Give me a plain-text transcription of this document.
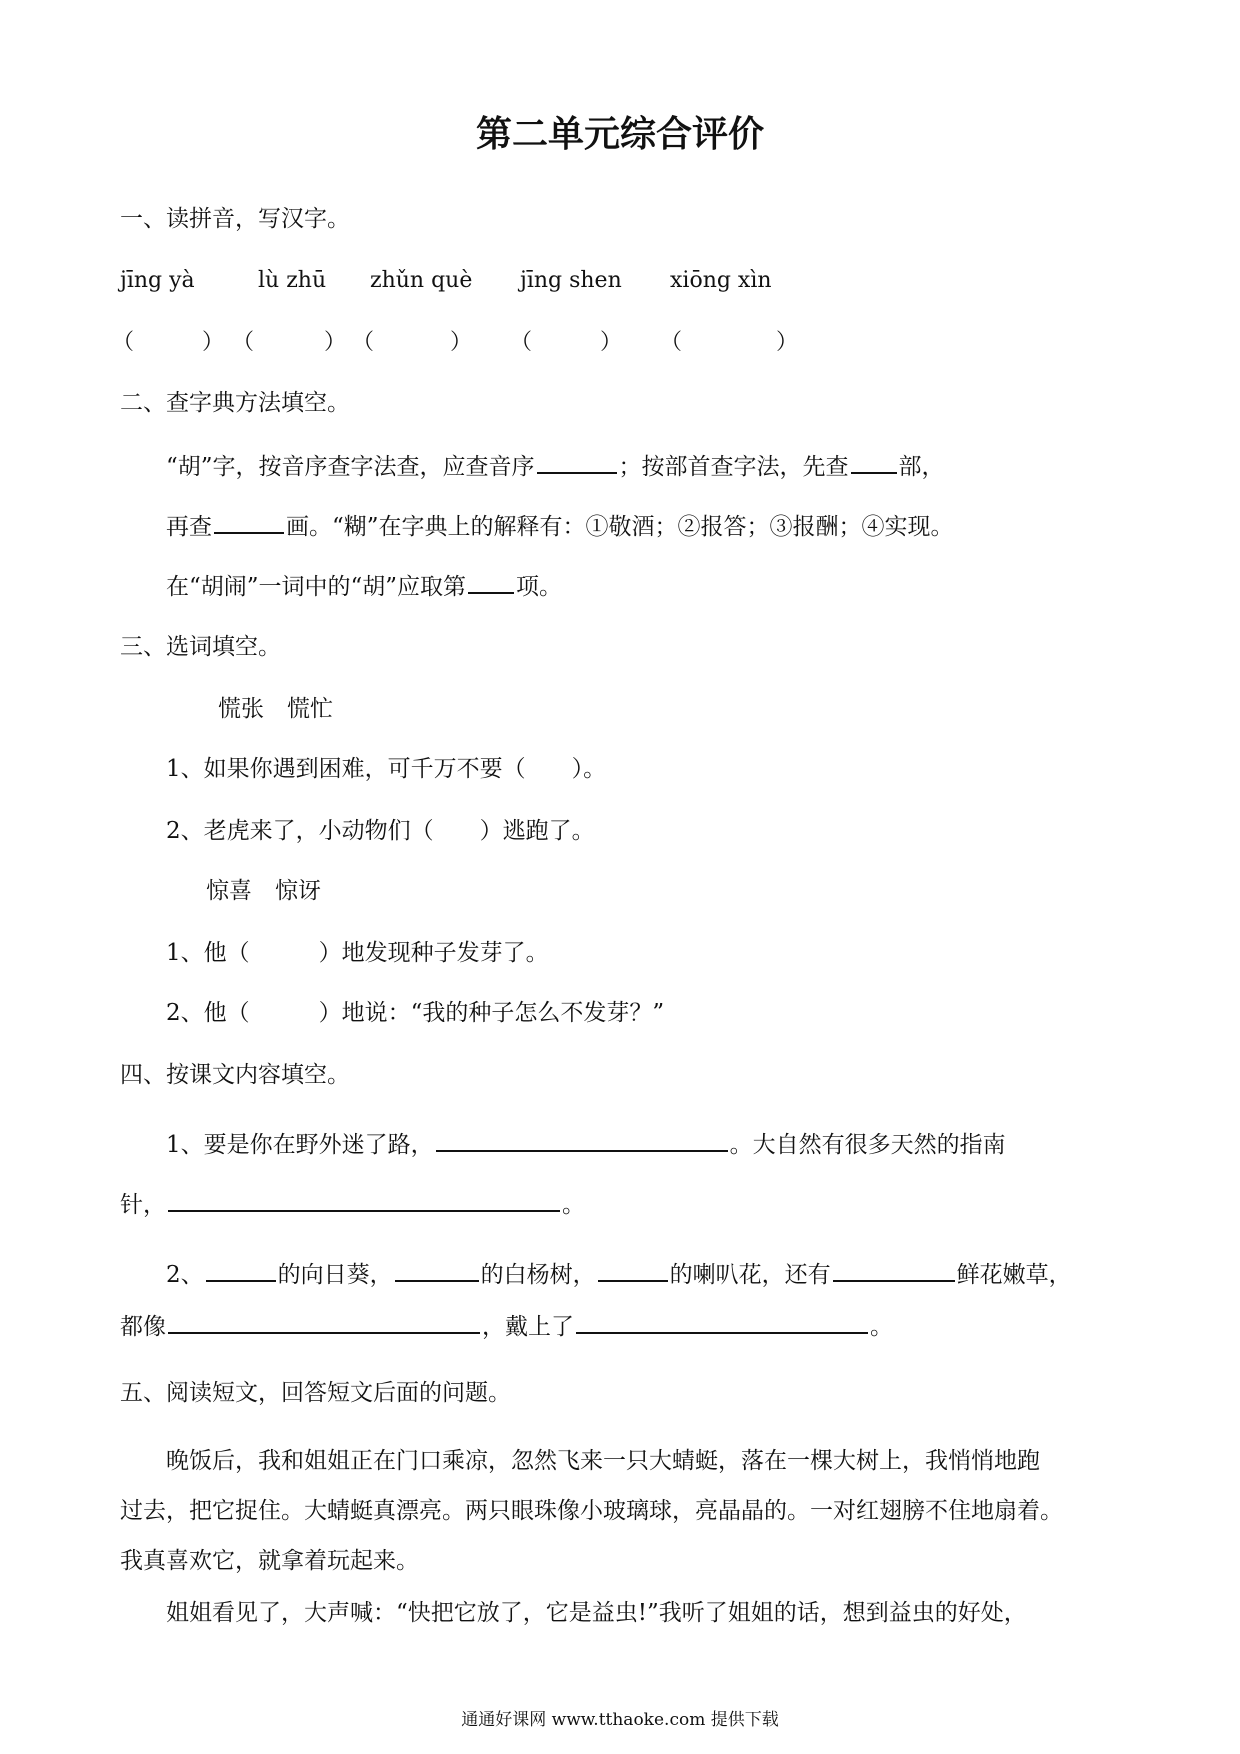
第二单元综合评价
一、读拼音，写汉字。
jīng yà	lù zhū zhǔn què jīng shen xiōng xìn
（	） （	） （	） （	） （	）
二、查字典方法填空。
“胡”字，按音序查字法查，应查音序	；按部首查字法，先查 部，
再查	画。“糊”在字典上的解释有：①敬酒；②报答；③报酬；④实现。
在“胡闹”一词中的“胡”应取第 项。
三、选词填空。
慌张　慌忙
1、如果你遇到困难，可千万不要（　　）。
2、老虎来了，小动物们（　　）逃跑了。
惊喜　惊讶
1、他（　　　）地发现种子发芽了。
2、他（　　　）地说：“我的种子怎么不发芽？”
四、按课文内容填空。
1、要是你在野外迷了路，	。大自然有很多天然的指南
针，	。
2、	的向日葵，	的白杨树，	的喇叭花，还有	鲜花嫩草，
都像	，戴上了	。
五、阅读短文，回答短文后面的问题。
晚饭后，我和姐姐正在门口乘凉，忽然飞来一只大蜻蜓，落在一棵大树上，我悄悄地跑
过去，把它捉住。大蜻蜓真漂亮。两只眼珠像小玻璃球，亮晶晶的。一对红翅膀不住地扇着。
我真喜欢它，就拿着玩起来。
姐姐看见了，大声喊：“快把它放了，它是益虫!”我听了姐姐的话，想到益虫的好处，
通通好课网 www.tthaoke.com 提供下载
